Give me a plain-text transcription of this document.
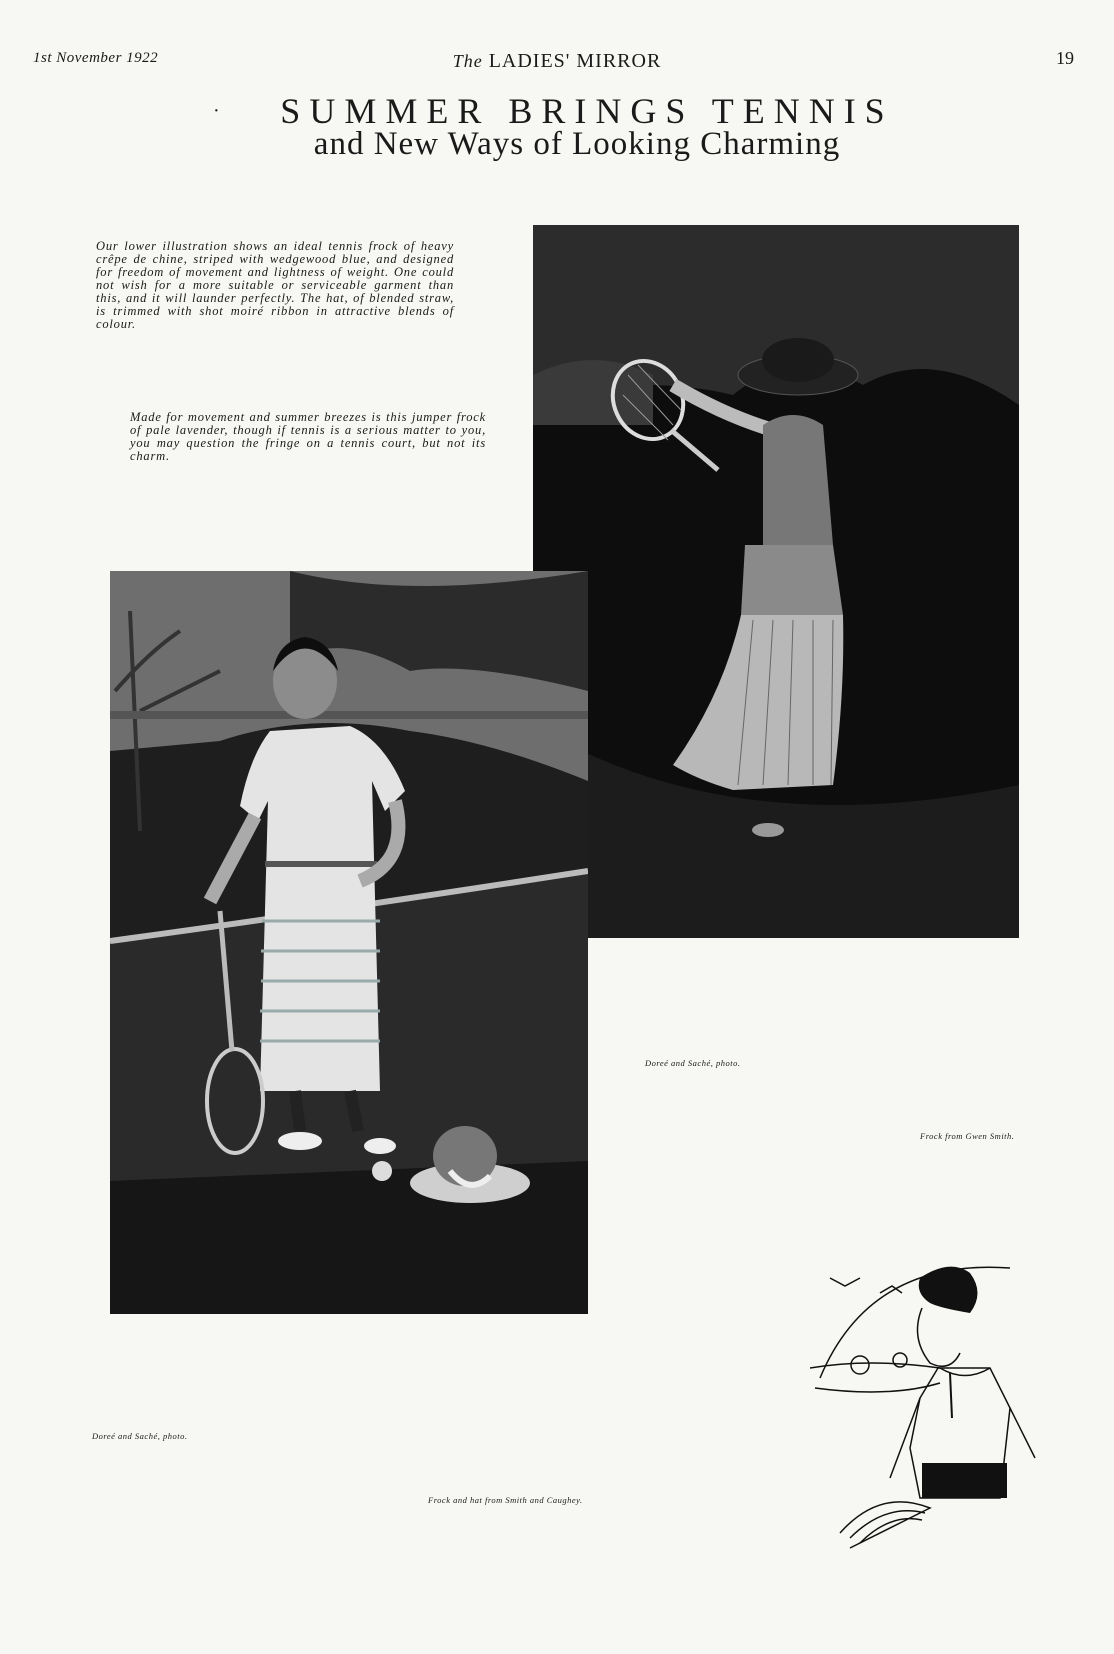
1st November 1922	The LADIES' MIRROR	19
·	SUMMER BRINGS TENNIS
and New Ways of Looking Charming
Our lower illustration shows an ideal tennis frock of heavy crêpe de chine, striped with wedgewood blue, and designed for freedom of movement and lightness of weight. One could not wish for a more suitable or serviceable garment than this, and it will launder perfectly. The hat, of blended straw, is trimmed with shot moiré ribbon in attractive blends of colour.
Made for movement and summer breezes is this jumper frock of pale lavender, though if tennis is a serious matter to you, you may question the fringe on a tennis court, but not its charm.
Doreé and Saché, photo.
Frock from Gwen Smith.
Doreé and Saché, photo.
Frock and hat from Smith and Caughey.
